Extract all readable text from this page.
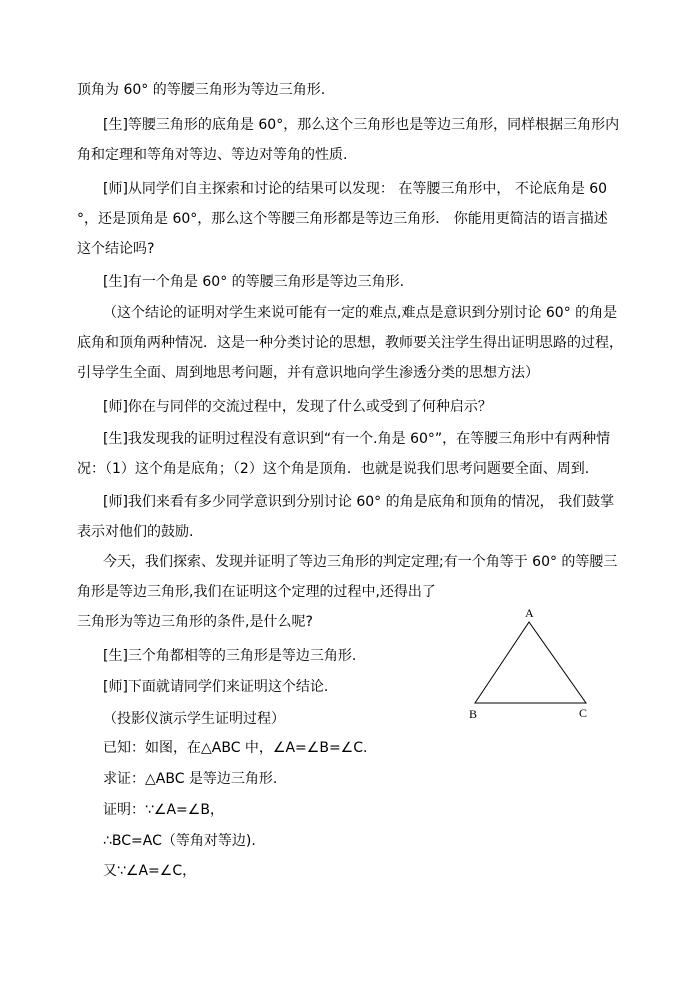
顶角为 60° 的等腰三角形为等边三角形.
[生]等腰三角形的底角是 60°，那么这个三角形也是等边三角形，同样根据三角形内
角和定理和等角对等边、等边对等角的性质.
[师]从同学们自主探索和讨论的结果可以发现： 在等腰三角形中， 不论底角是 60
°，还是顶角是 60°，那么这个等腰三角形都是等边三角形． 你能用更简洁的语言描述
这个结论吗?
[生]有一个角是 60° 的等腰三角形是等边三角形.
（这个结论的证明对学生来说可能有一定的难点,难点是意识到分别讨论 60° 的角是
底角和顶角两种情况．这是一种分类讨论的思想，教师要关注学生得出证明思路的过程，
引导学生全面、周到地思考问题，并有意识地向学生渗透分类的思想方法）
[师]你在与同伴的交流过程中，发现了什么或受到了何种启示？
[生]我发现我的证明过程没有意识到“有一个.角是 60°”，在等腰三角形中有两种情
况：（1）这个角是底角；（2）这个角是顶角．也就是说我们思考问题要全面、周到.
[师]我们来看有多少同学意识到分别讨论 60° 的角是底角和顶角的情况， 我们鼓掌
表示对他们的鼓励.
今天，我们探索、发现并证明了等边三角形的判定定理;有一个角等于 60° 的等腰三
角形是等边三角形,我们在证明这个定理的过程中,还得出了
三角形为等边三角形的条件,是什么呢?
[生]三个角都相等的三角形是等边三角形.
[师]下面就请同学们来证明这个结论.
（投影仪演示学生证明过程）
已知：如图，在△ABC 中，∠A=∠B=∠C.
求证：△ABC 是等边三角形.
证明：∵∠A=∠B，
∴BC=AC（等角对等边).
又∵∠A=∠C，
A
B	C
